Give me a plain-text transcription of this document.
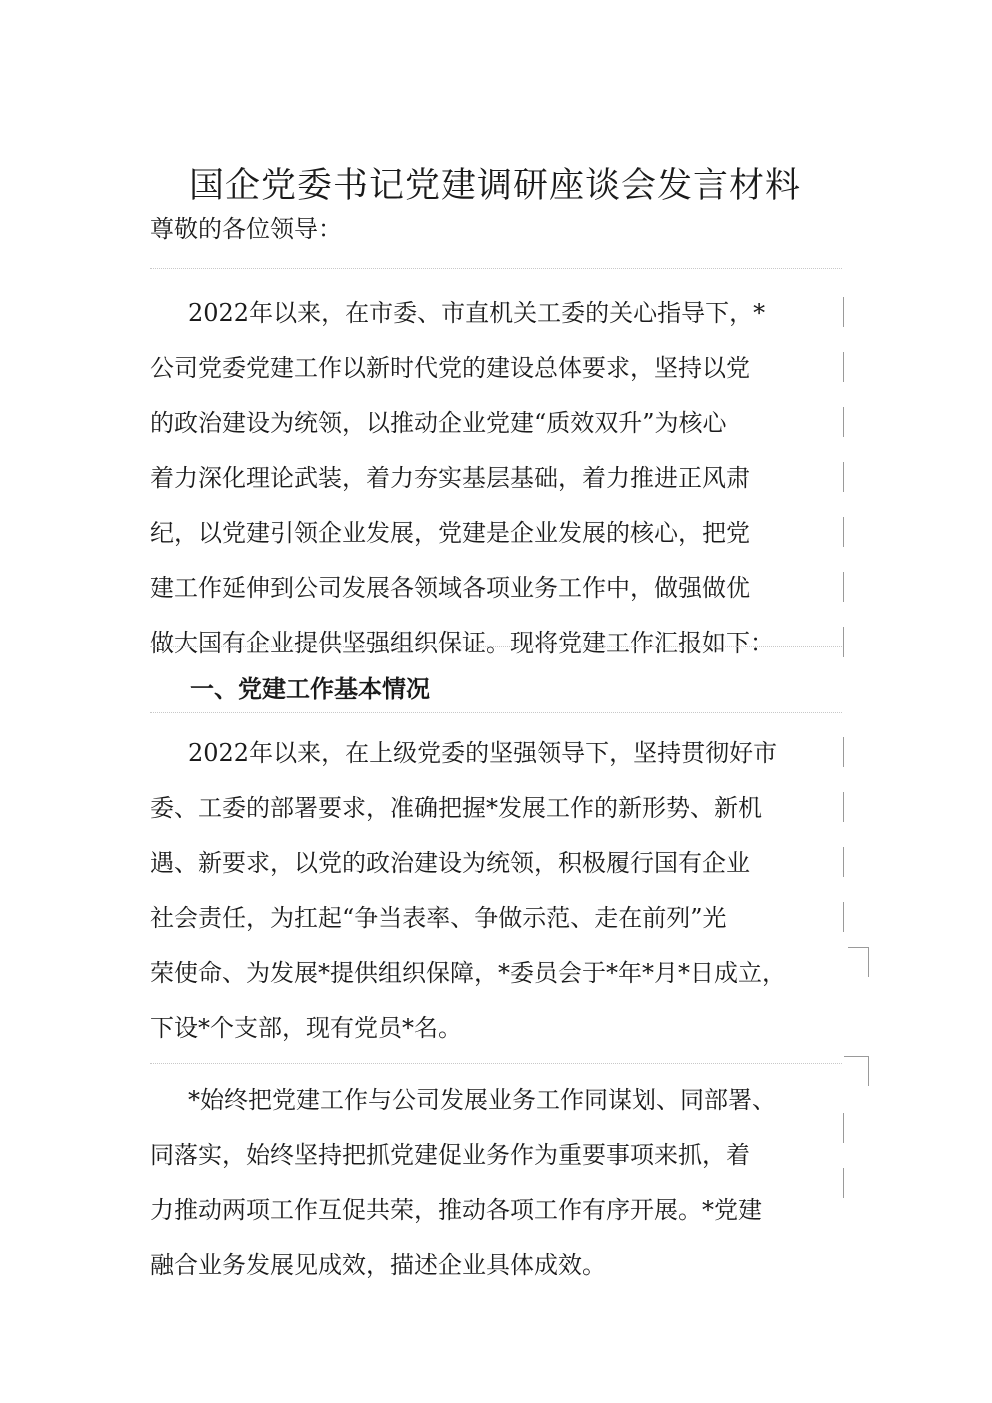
国企党委书记党建调研座谈会发言材料
尊敬的各位领导：
2022年以来，在市委、市直机关工委的关心指导下，*
公司党委党建工作以新时代党的建设总体要求，坚持以党
的政治建设为统领，以推动企业党建“质效双升”为核心
着力深化理论武装，着力夯实基层基础，着力推进正风肃
纪，以党建引领企业发展，党建是企业发展的核心，把党
建工作延伸到公司发展各领域各项业务工作中，做强做优
做大国有企业提供坚强组织保证。现将党建工作汇报如下：
一、党建工作基本情况
2022年以来，在上级党委的坚强领导下，坚持贯彻好市
委、工委的部署要求，准确把握*发展工作的新形势、新机
遇、新要求，以党的政治建设为统领，积极履行国有企业
社会责任，为扛起“争当表率、争做示范、走在前列”光
荣使命、为发展*提供组织保障，*委员会于*年*月*日成立，
下设*个支部，现有党员*名。
*始终把党建工作与公司发展业务工作同谋划、同部署、
同落实，始终坚持把抓党建促业务作为重要事项来抓，着
力推动两项工作互促共荣，推动各项工作有序开展。*党建
融合业务发展见成效，描述企业具体成效。
